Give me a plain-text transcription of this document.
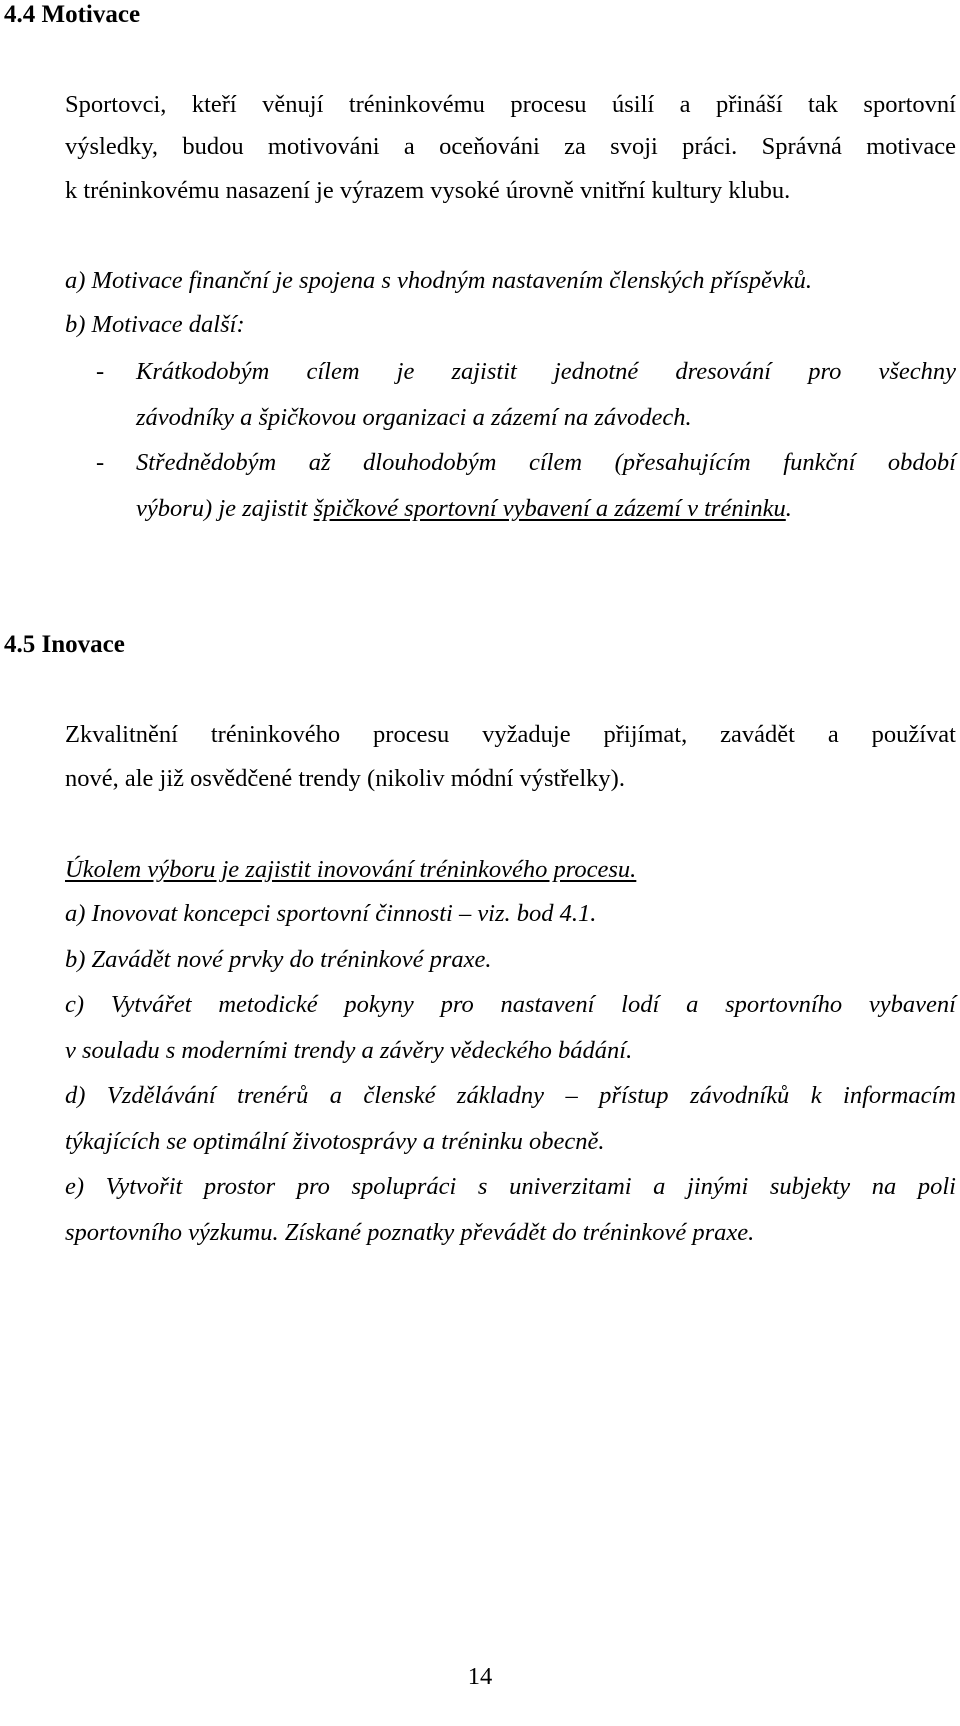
4.4 Motivace
Sportovci, kteří věnují tréninkovému procesu úsilí a přináší tak sportovní
výsledky, budou motivováni a oceňováni za svoji práci. Správná motivace
k tréninkovému nasazení je výrazem vysoké úrovně vnitřní kultury klubu.
a) Motivace finanční je spojena s vhodným nastavením členských příspěvků.
b) Motivace další:
- Krátkodobým cílem je zajistit jednotné dresování pro všechny
závodníky a špičkovou organizaci a zázemí na závodech.
- Střednědobým až dlouhodobým cílem (přesahujícím funkční období
výboru) je zajistit špičkové sportovní vybavení a zázemí v tréninku.
4.5 Inovace
Zkvalitnění tréninkového procesu vyžaduje přijímat, zavádět a používat
nové, ale již osvědčené trendy (nikoliv módní výstřelky).
Úkolem výboru je zajistit inovování tréninkového procesu.
a) Inovovat koncepci sportovní činnosti – viz. bod 4.1.
b) Zavádět nové prvky do tréninkové praxe.
c) Vytvářet metodické pokyny pro nastavení lodí a sportovního vybavení
v souladu s moderními trendy a závěry vědeckého bádání.
d) Vzdělávání trenérů a členské základny – přístup závodníků k informacím
týkajících se optimální životosprávy a tréninku obecně.
e) Vytvořit prostor pro spolupráci s univerzitami a jinými subjekty na poli
sportovního výzkumu. Získané poznatky převádět do tréninkové praxe.
14
